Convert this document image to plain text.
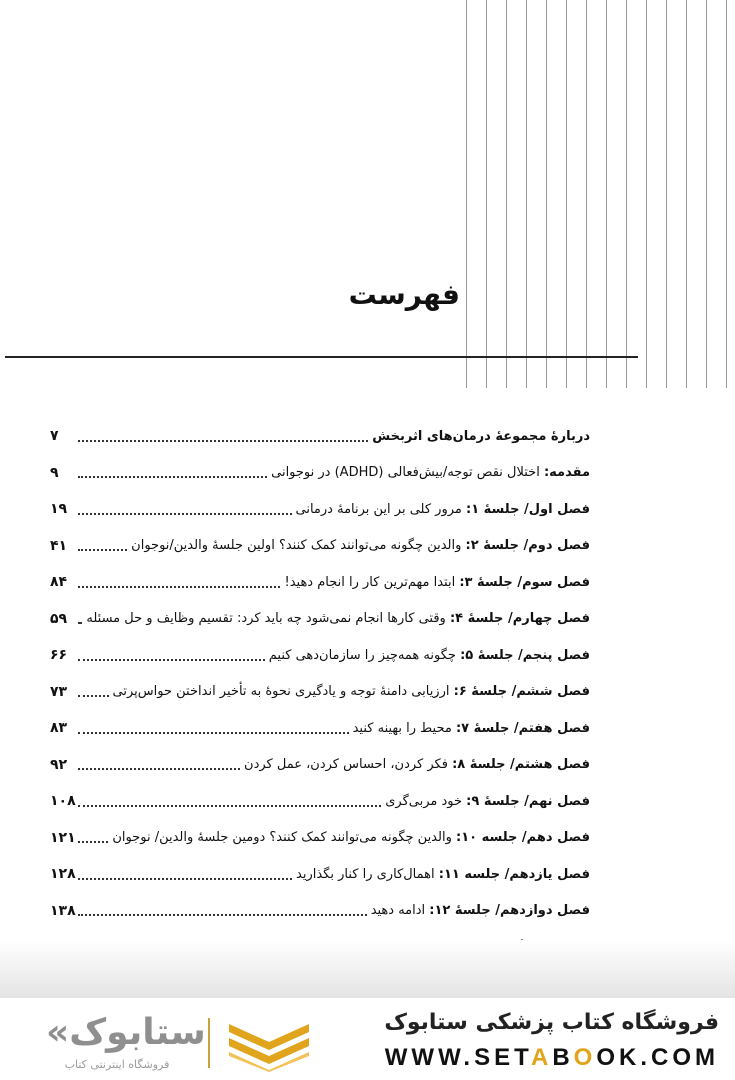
فهرست
دربارهٔ مجموعهٔ درمان‌های اثربخش
۷
مقدمه: اختلال نقص توجه/بیش‌فعالی (ADHD) در نوجوانی
۹
فصل اول/ جلسهٔ ۱: مرور کلی بر این برنامهٔ درمانی
۱۹
فصل دوم/ جلسهٔ ۲: والدین چگونه می‌توانند کمک کنند؟ اولین جلسهٔ والدین/نوجوان
۴۱
فصل سوم/ جلسهٔ ۳: ابتدا مهم‌ترین کار را انجام دهید!
۸۴
فصل چهارم/ جلسهٔ ۴: وقتی کارها انجام نمی‌شود چه باید کرد: تقسیم وظایف و حل مسئله
۵۹
فصل پنجم/ جلسهٔ ۵: چگونه همه‌چیز را سازمان‌دهی کنیم
۶۶
فصل ششم/ جلسهٔ ۶: ارزیابی دامنهٔ توجه و یادگیری نحوهٔ به تأخیر انداختن حواس‌پرتی
۷۳
فصل هفتم/ جلسهٔ ۷: محیط را بهینه کنید
۸۳
فصل هشتم/ جلسهٔ ۸: فکر کردن، احساس کردن، عمل کردن
۹۲
فصل نهم/ جلسهٔ ۹: خود مربی‌گری
۱۰۸
فصل دهم/ جلسه ۱۰: والدین چگونه می‌توانند کمک کنند؟ دومین جلسهٔ والدین/ نوجوان
۱۲۱
فصل یازدهم/ جلسه ۱۱: اهمال‌کاری را کنار بگذارید
۱۲۸
فصل دوازدهم/ جلسهٔ ۱۲: ادامه دهید
۱۳۸
«ستابوک
فروشگاه اینترنتی کتاب
فروشگاه کتاب پزشکی ستابوک
WWW.SETABOOK.COM
